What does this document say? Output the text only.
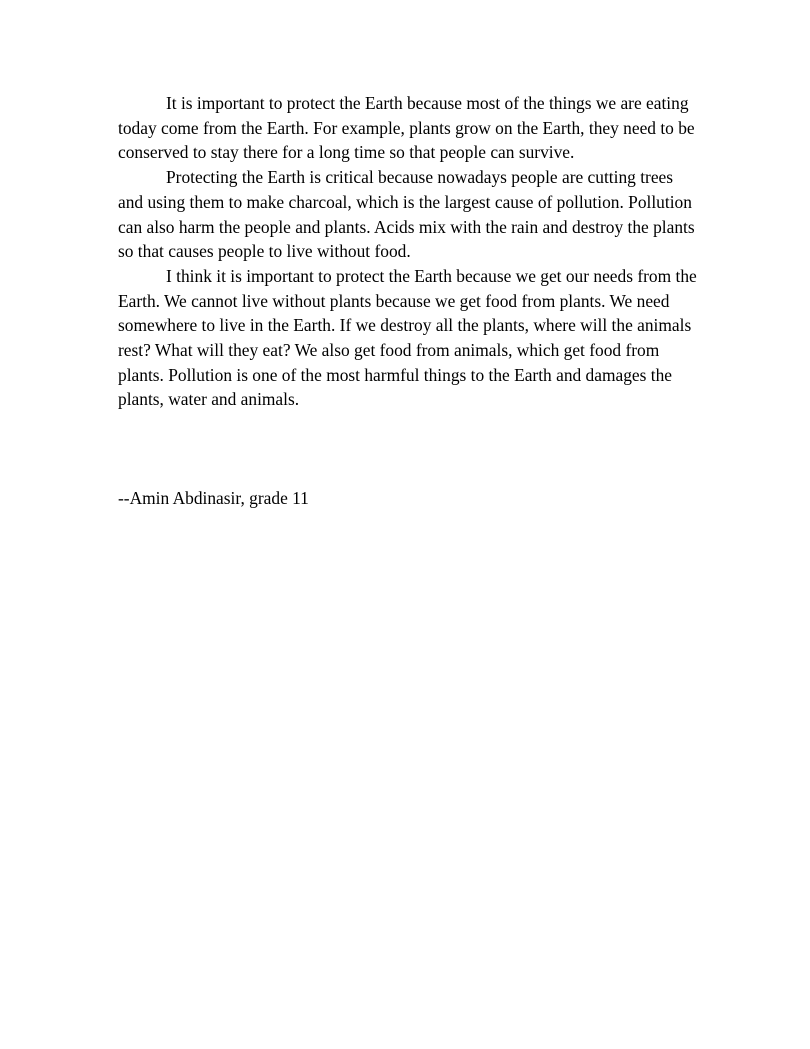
It is important to protect the Earth because most of the things we are eating today come from the Earth. For example, plants grow on the Earth, they need to be conserved to stay there for a long time so that people can survive.

Protecting the Earth is critical because nowadays people are cutting trees and using them to make charcoal, which is the largest cause of pollution. Pollution can also harm the people and plants. Acids mix with the rain and destroy the plants so that causes people to live without food.

I think it is important to protect the Earth because we get our needs from the Earth. We cannot live without plants because we get food from plants. We need somewhere to live in the Earth. If we destroy all the plants, where will the animals rest? What will they eat? We also get food from animals, which get food from plants. Pollution is one of the most harmful things to the Earth and damages the plants, water and animals.

--Amin Abdinasir, grade 11
